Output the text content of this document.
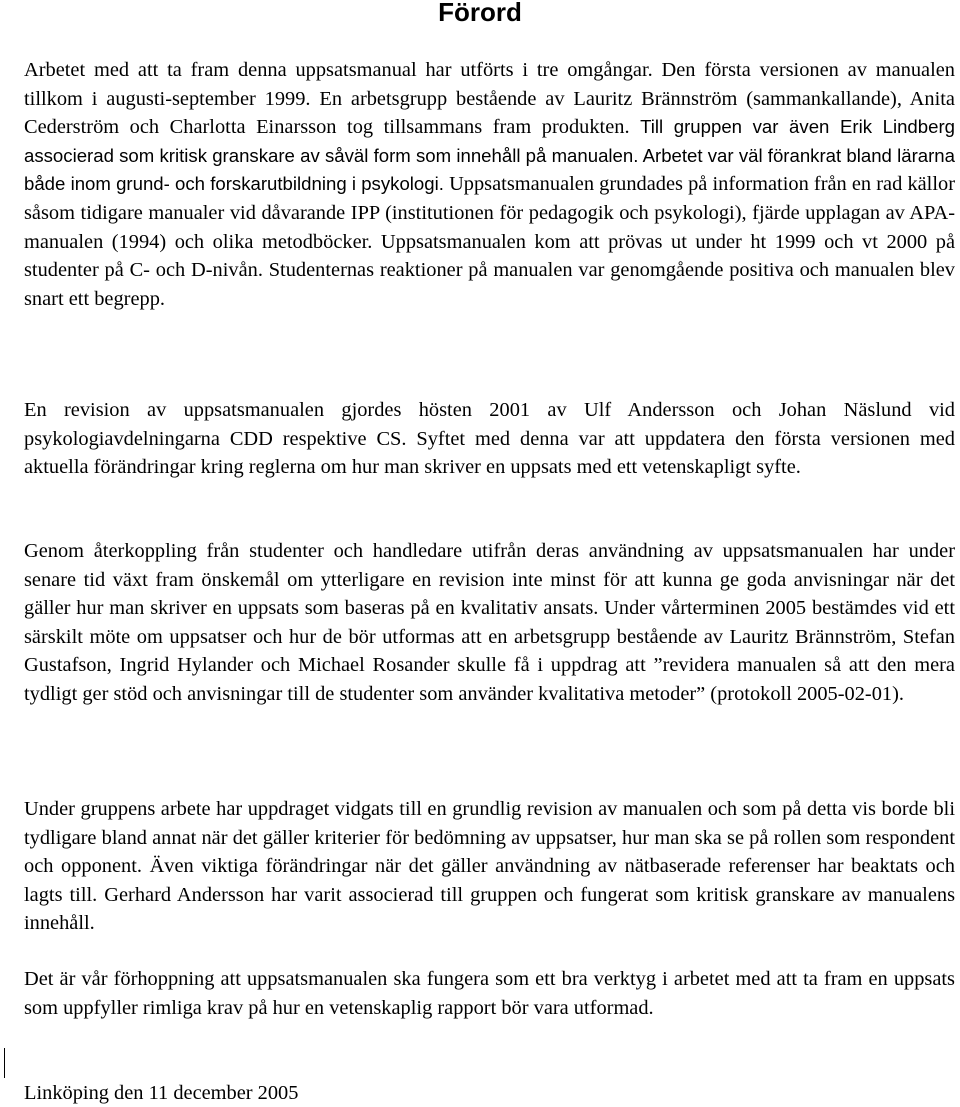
Förord

Arbetet med att ta fram denna uppsatsmanual har utförts i tre omgångar. Den första versionen av manualen tillkom i augusti-september 1999. En arbetsgrupp bestående av Lauritz Brännström (sammankallande), Anita Cederström och Charlotta Einarsson tog tillsammans fram produkten. Till gruppen var även Erik Lindberg associerad som kritisk granskare av såväl form som innehåll på manualen. Arbetet var väl förankrat bland lärarna både inom grund- och forskarutbildning i psykologi. Uppsatsmanualen grundades på information från en rad källor såsom tidigare manualer vid dåvarande IPP (institutionen för pedagogik och psykologi), fjärde upplagan av APA-manualen (1994) och olika metodböcker. Uppsatsmanualen kom att prövas ut under ht 1999 och vt 2000 på studenter på C- och D-nivån. Studenternas reaktioner på manualen var genomgående positiva och manualen blev snart ett begrepp.

En revision av uppsatsmanualen gjordes hösten 2001 av Ulf Andersson och Johan Näslund vid psykologiavdelningarna CDD respektive CS. Syftet med denna var att uppdatera den första versionen med aktuella förändringar kring reglerna om hur man skriver en uppsats med ett vetenskapligt syfte.

Genom återkoppling från studenter och handledare utifrån deras användning av uppsatsmanualen har under senare tid växt fram önskemål om ytterligare en revision inte minst för att kunna ge goda anvisningar när det gäller hur man skriver en uppsats som baseras på en kvalitativ ansats. Under vårterminen 2005 bestämdes vid ett särskilt möte om uppsatser och hur de bör utformas att en arbetsgrupp bestående av Lauritz Brännström, Stefan Gustafson, Ingrid Hylander och Michael Rosander skulle få i uppdrag att ”revidera manualen så att den mera tydligt ger stöd och anvisningar till de studenter som använder kvalitativa metoder” (protokoll 2005-02-01).

Under gruppens arbete har uppdraget vidgats till en grundlig revision av manualen och som på detta vis borde bli tydligare bland annat när det gäller kriterier för bedömning av uppsatser, hur man ska se på rollen som respondent och opponent. Även viktiga förändringar när det gäller användning av nätbaserade referenser har beaktats och lagts till. Gerhard Andersson har varit associerad till gruppen och fungerat som kritisk granskare av manualens innehåll.

Det är vår förhoppning att uppsatsmanualen ska fungera som ett bra verktyg i arbetet med att ta fram en uppsats som uppfyller rimliga krav på hur en vetenskaplig rapport bör vara utformad.

Linköping den 11 december 2005
